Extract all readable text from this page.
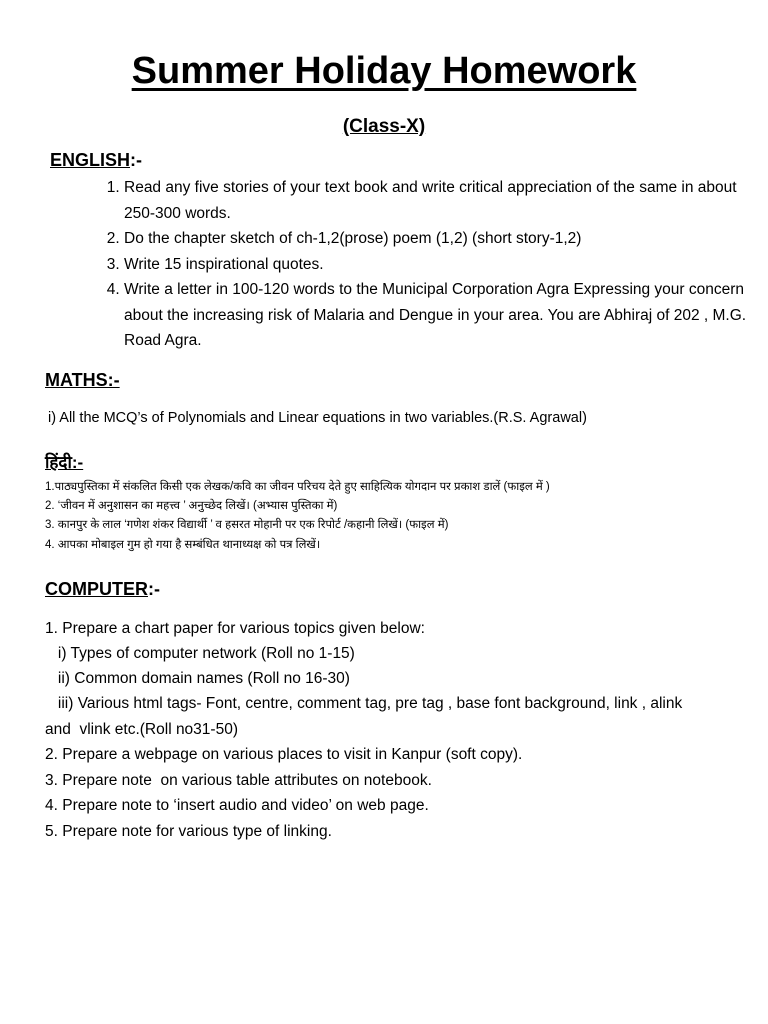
Summer Holiday Homework
(Class-X)
ENGLISH:-
1. Read any five stories of your text book and write critical appreciation of the same in about 250-300 words.
2. Do the chapter sketch of ch-1,2(prose) poem (1,2) (short story-1,2)
3. Write 15 inspirational quotes.
4. Write a letter in 100-120 words to the Municipal Corporation Agra Expressing your concern about the increasing risk of Malaria and Dengue in your area. You are Abhiraj of 202 , M.G. Road Agra.
MATHS:-
i) All the MCQ’s of Polynomials and Linear equations in two variables.(R.S. Agrawal)
हिंदी:-
1.पाठ्यपुस्तिका में संकलित किसी एक लेखक/कवि का जीवन परिचय देते हुए साहित्यिक योगदान पर प्रकाश डालें (फाइल में )
2. ‘जीवन में अनुशासन का महत्त्व ’ अनुच्छेद लिखें। (अभ्यास पुस्तिका में)
3. कानपुर के लाल ‘गणेश शंकर विद्यार्थी ’ व हसरत मोहानी पर एक रिपोर्ट /कहानी लिखें। (फाइल में)
4. आपका मोबाइल गुम हो गया है सम्बंधित थानाध्यक्ष को पत्र लिखें।
COMPUTER:-
1. Prepare a chart paper for various topics given below:
i) Types of computer network (Roll no 1-15)
ii) Common domain names (Roll no 16-30)
iii) Various html tags- Font, centre, comment tag, pre tag , base font background, link , alink
and  vlink etc.(Roll no31-50)
2. Prepare a webpage on various places to visit in Kanpur (soft copy).
3. Prepare note  on various table attributes on notebook.
4. Prepare note to ‘insert audio and video’ on web page.
5. Prepare note for various type of linking.
